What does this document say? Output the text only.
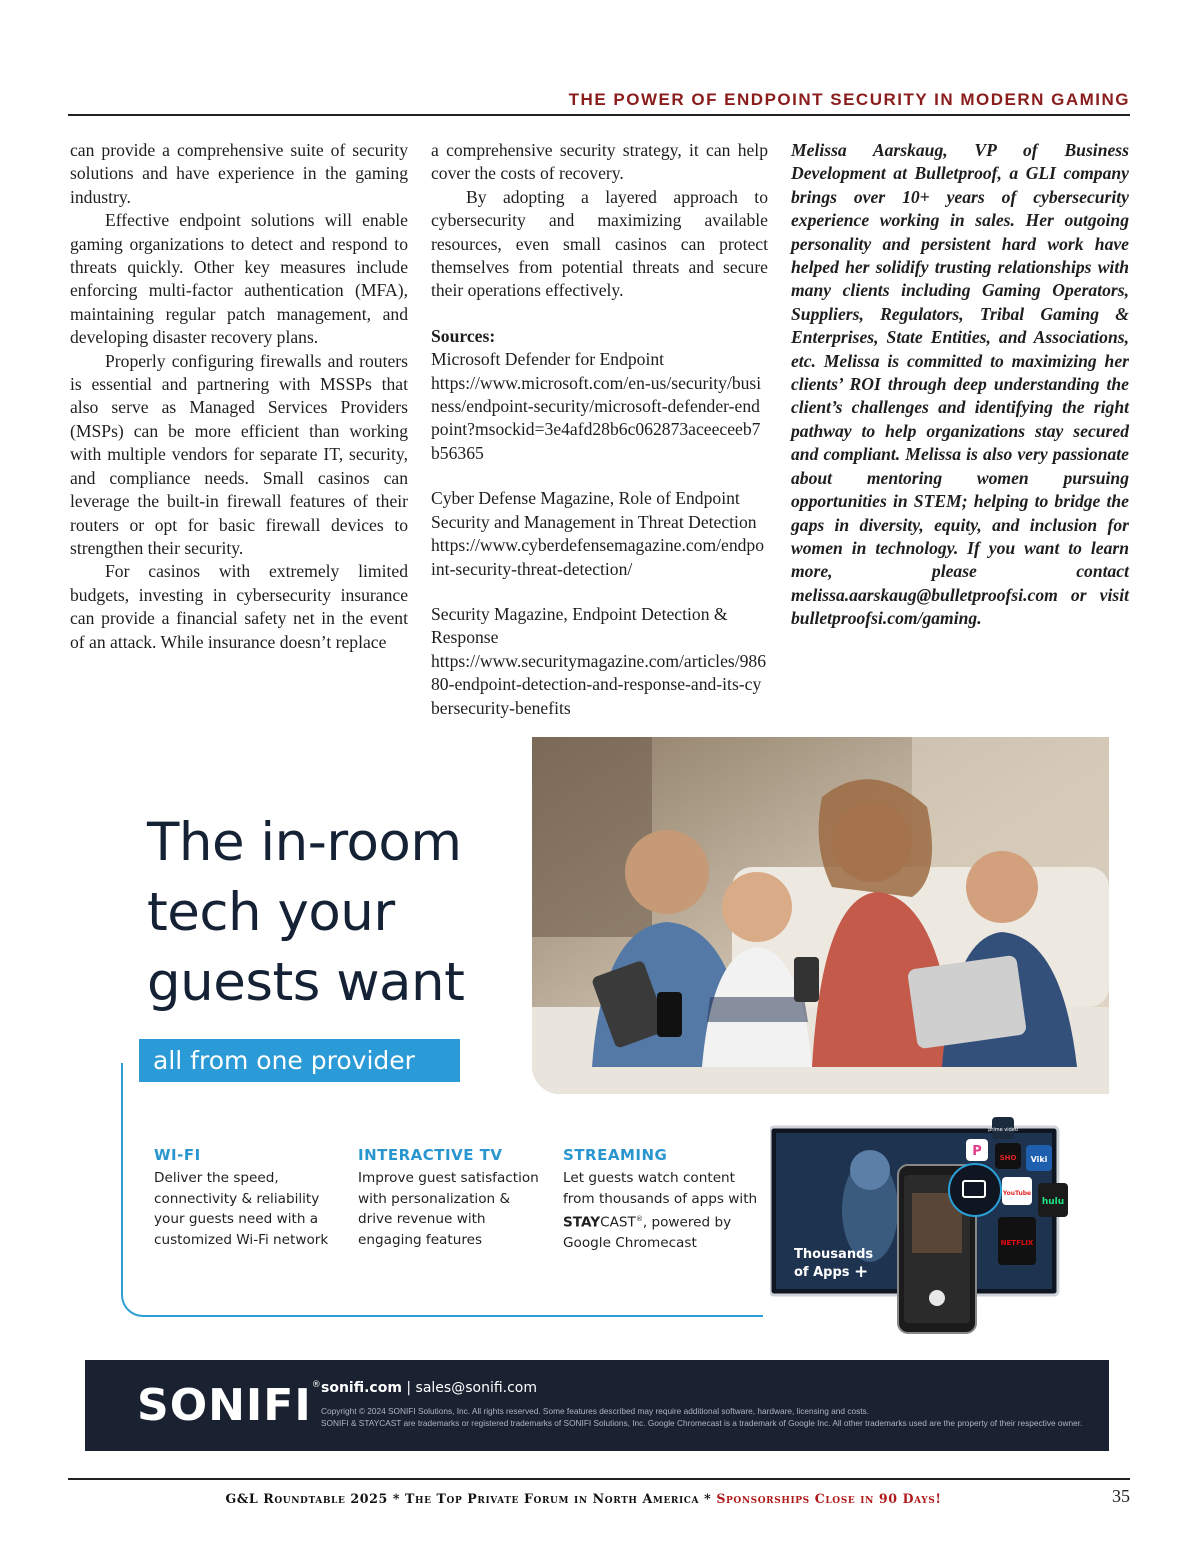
THE POWER OF ENDPOINT SECURITY IN MODERN GAMING

can provide a comprehensive suite of security solutions and have experience in the gaming industry.

Effective endpoint solutions will enable gaming organizations to detect and respond to threats quickly. Other key measures include enforcing multi-factor authentication (MFA), maintaining regular patch management, and developing disaster recovery plans.

Properly configuring firewalls and routers is essential and partnering with MSSPs that also serve as Managed Services Providers (MSPs) can be more efficient than working with multiple vendors for separate IT, security, and compliance needs. Small casinos can leverage the built-in firewall features of their routers or opt for basic firewall devices to strengthen their security.

For casinos with extremely limited budgets, investing in cybersecurity insurance can provide a financial safety net in the event of an attack. While insurance doesn’t replace

a comprehensive security strategy, it can help cover the costs of recovery.

By adopting a layered approach to cybersecurity and maximizing available resources, even small casinos can protect themselves from potential threats and secure their operations effectively.

Sources:

Microsoft Defender for Endpoint

https://www.microsoft.com/en-us/security/business/endpoint-security/microsoft-defender-endpoint?msockid=3e4afd28b6c062873aceeceeb7b56365

Cyber Defense Magazine, Role of Endpoint Security and Management in Threat Detection

https://www.cyberdefensemagazine.com/endpoint-security-threat-detection/

Security Magazine, Endpoint Detection & Response

https://www.securitymagazine.com/articles/98680-endpoint-detection-and-response-and-its-cybersecurity-benefits

Melissa Aarskaug, VP of Business Development at Bulletproof, a GLI company brings over 10+ years of cybersecurity experience working in sales. Her outgoing personality and persistent hard work have helped her solidify trusting relationships with many clients including Gaming Operators, Suppliers, Regulators, Tribal Gaming & Enterprises, State Entities, and Associations, etc. Melissa is committed to maximizing her clients’ ROI through deep understanding the client’s challenges and identifying the right pathway to help organizations stay secured and compliant. Melissa is also very passionate about mentoring women pursuing opportunities in STEM; helping to bridge the gaps in diversity, equity, and inclusion for women in technology. If you want to learn more, please contact melissa.aarskaug@bulletproofsi.com or visit bulletproofsi.com/gaming.

The in-room
tech your
guests want
all from one provider
WI-FI
Deliver the speed, connectivity & reliability your guests need with a customized Wi-Fi network
INTERACTIVE TV
Improve guest satisfaction with personalization & drive revenue with engaging features
STREAMING
Let guests watch content from thousands of apps with STAYCAST®, powered by Google Chromecast
Thousands
of Apps +
prime video
P	SHO Viki
YouTube
hulu
NETFLIX
SONIFI® sonifi.com | sales@sonifi.com
Copyright © 2024 SONIFI Solutions, Inc. All rights reserved. Some features described may require additional software, hardware, licensing and costs.
SONIFI & STAYCAST are trademarks or registered trademarks of SONIFI Solutions, Inc. Google Chromecast is a trademark of Google Inc. All other trademarks used are the property of their respective owner.
G&L Roundtable 2025 * The Top Private Forum in North America * Sponsorships Close in 90 Days!	35
